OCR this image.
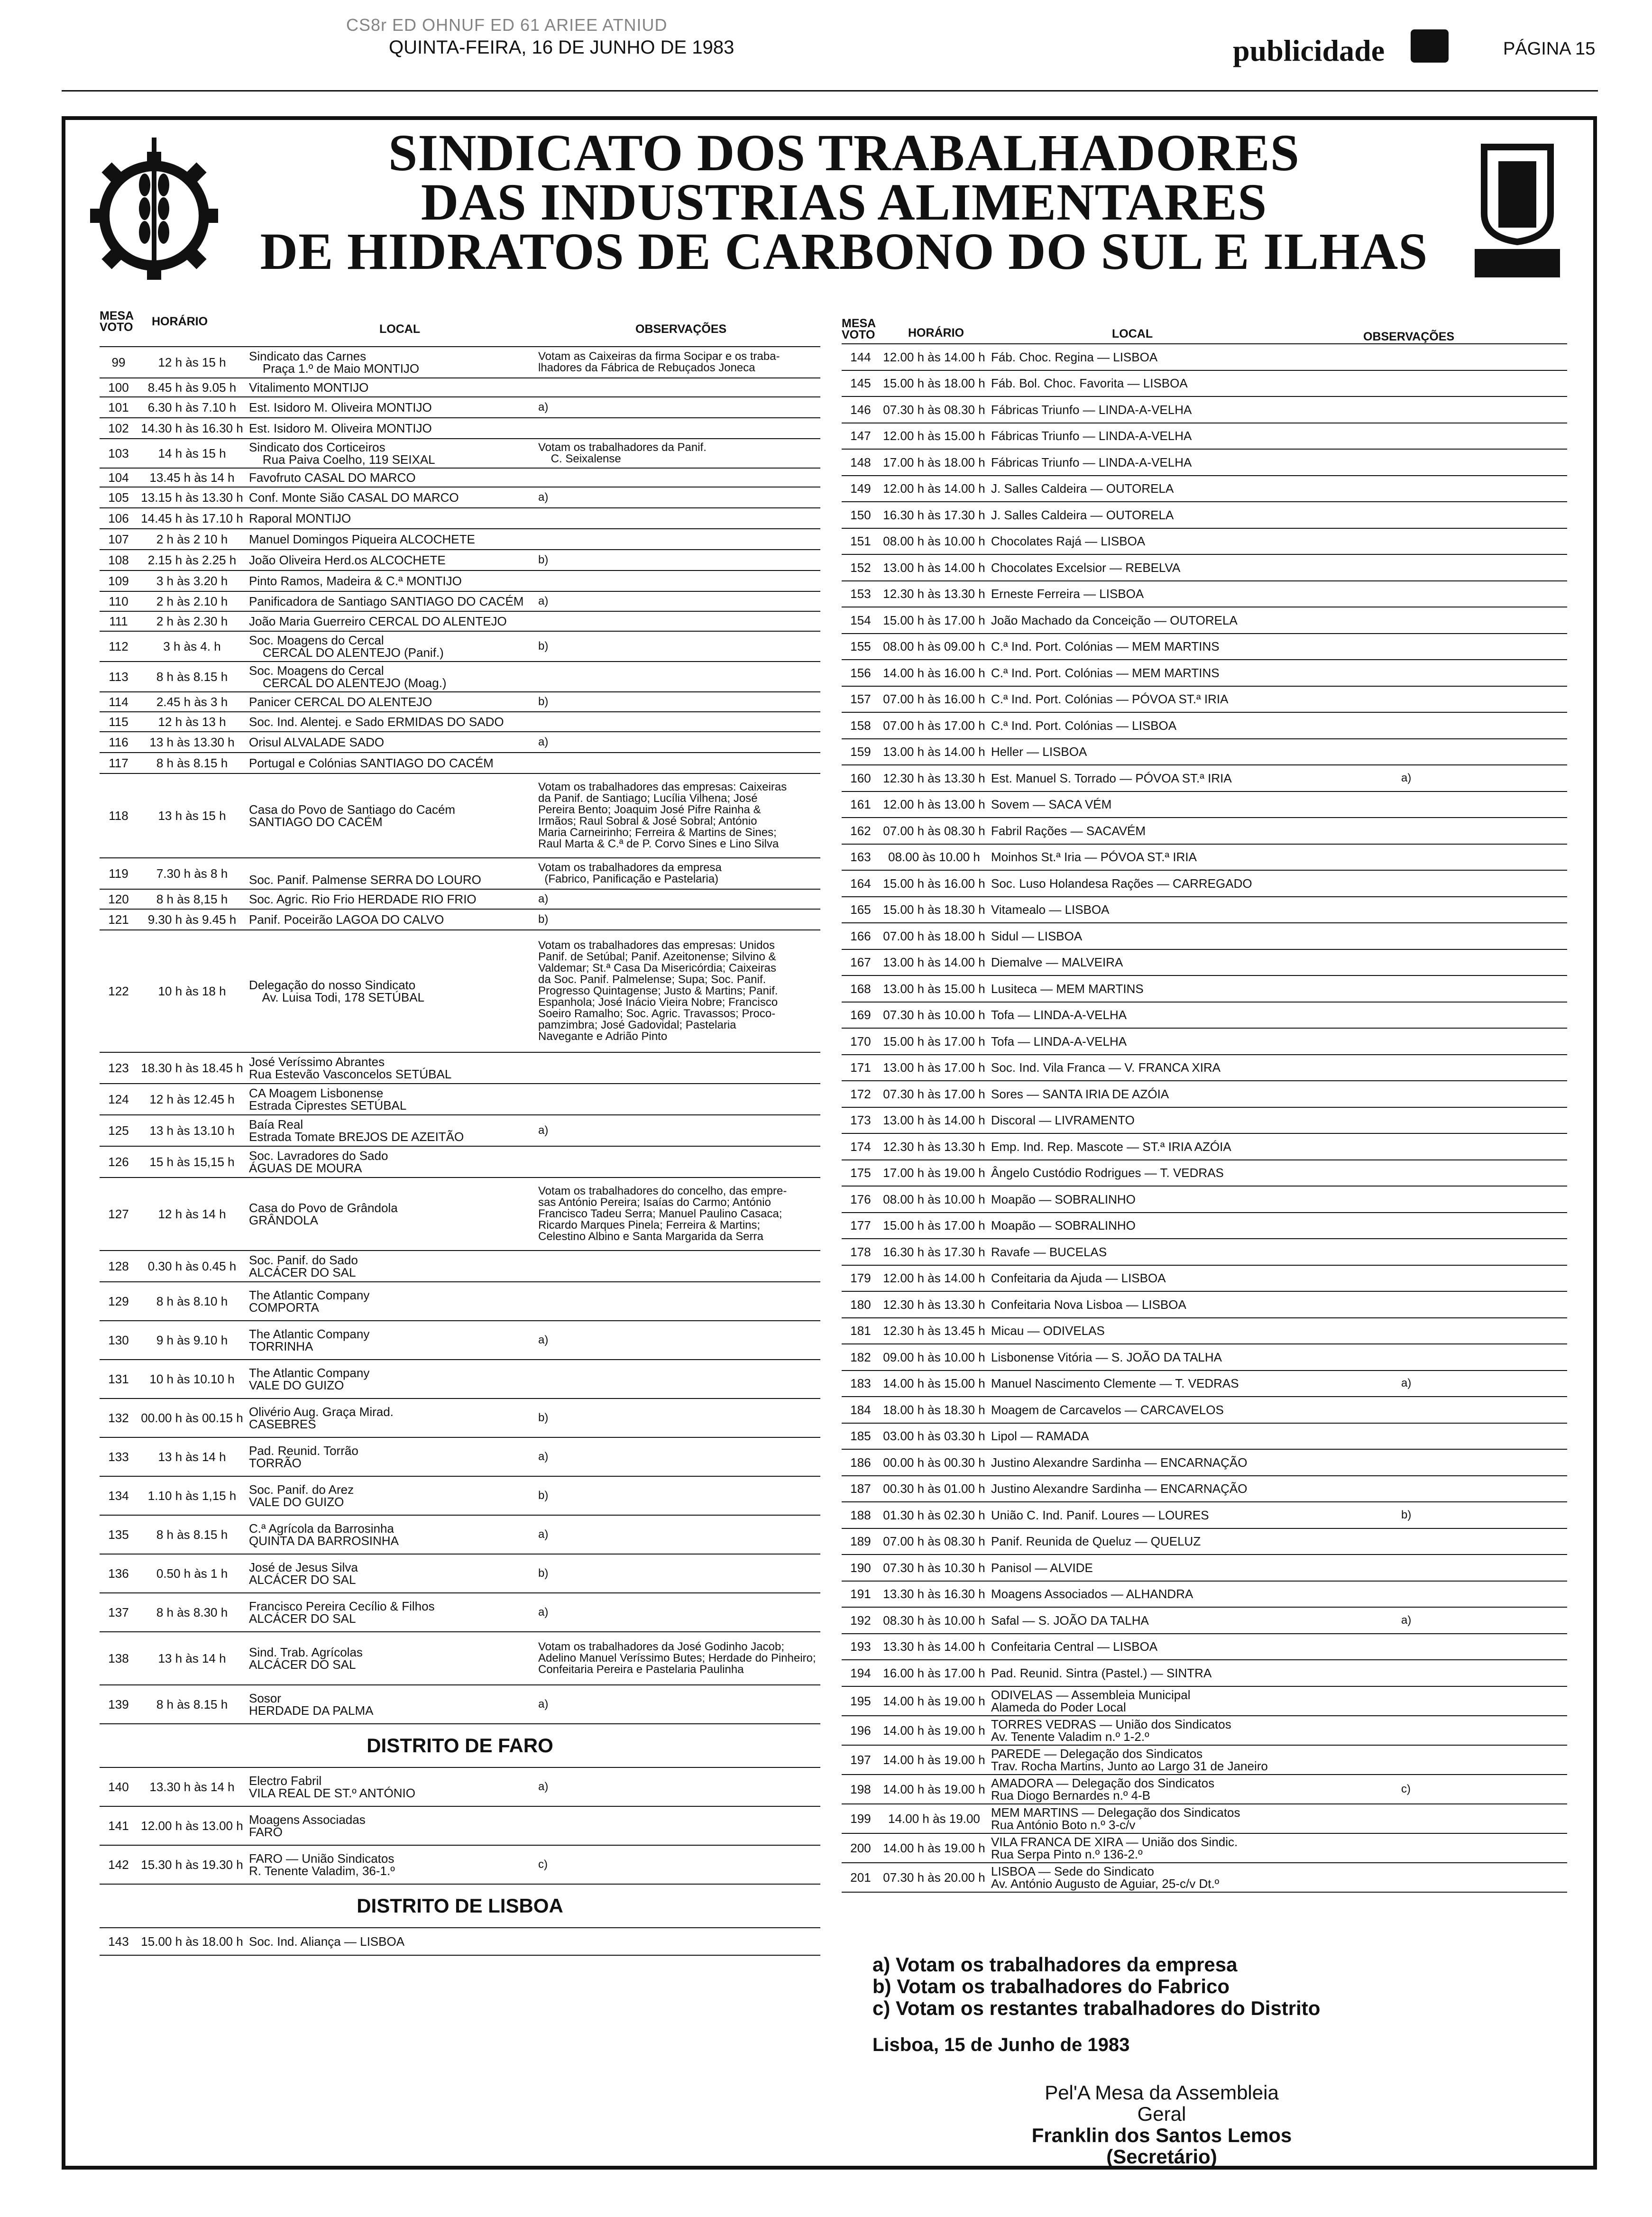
CS8r ED OHNUF ED 61 ARIEE ATNIUD
QUINTA-FEIRA, 16 DE JUNHO DE 1983	publicidade	PÁGINA 15
SINDICATO DOS TRABALHADORES
DAS INDUSTRIAS ALIMENTARES
DE HIDRATOS DE CARBONO DO SUL E ILHAS
MESA
VOTO HORÁRIO
LOCAL	OBSERVAÇÕES
99	12 h às 15 h	Sindicato das Carnes
Praça 1.º de Maio MONTIJO
Votam as Caixeiras da firma Socipar e os traba-
lhadores da Fábrica de Rebuçados Joneca
100	8.45 h às 9.05 h	Vitalimento MONTIJO
101	6.30 h às 7.10 h	Est. Isidoro M. Oliveira MONTIJO	a)
102 14.30 h às 16.30 h Est. Isidoro M. Oliveira MONTIJO
103	14 h às 15 h	Sindicato dos Corticeiros
Rua Paiva Coelho, 119 SEIXAL
Votam os trabalhadores da Panif.
C. Seixalense
104	13.45 h às 14 h	Favofruto CASAL DO MARCO
105 13.15 h às 13.30 h Conf. Monte Sião CASAL DO MARCO	a)
106 14.45 h às 17.10 h Raporal MONTIJO
107	2 h às 2 10 h	Manuel Domingos Piqueira ALCOCHETE
108	2.15 h às 2.25 h	João Oliveira Herd.os ALCOCHETE	b)
109	3 h às 3.20 h	Pinto Ramos, Madeira & C.ª MONTIJO
110	2 h às 2.10 h	Panificadora de Santiago SANTIAGO DO CACÉM	a)
111	2 h às 2.30 h	João Maria Guerreiro CERCAL DO ALENTEJO
112	3 h às 4. h	Soc. Moagens do Cercal
CERCAL DO ALENTEJO (Panif.)	b)
113	8 h às 8.15 h	Soc. Moagens do Cercal
CERCAL DO ALENTEJO (Moag.)
114	2.45 h às 3 h	Panicer CERCAL DO ALENTEJO	b)
115	12 h às 13 h	Soc. Ind. Alentej. e Sado ERMIDAS DO SADO
116	13 h às 13.30 h	Orisul ALVALADE SADO	a)
117	8 h às 8.15 h	Portugal e Colónias SANTIAGO DO CACÉM
118	13 h às 15 h	Casa do Povo de Santiago do Cacém
SANTIAGO DO CACÉM
Votam os trabalhadores das empresas: Caixeiras
da Panif. de Santiago; Lucília Vilhena; José
Pereira Bento; Joaquim José Pifre Rainha &
Irmãos; Raul Sobral & José Sobral; António
Maria Carneirinho; Ferreira & Martins de Sines;
Raul Marta & C.ª de P. Corvo Sines e Lino Silva
119	7.30 h às 8 h	
Soc. Panif. Palmense SERRA DO LOURO
Votam os trabalhadores da empresa
(Fabrico, Panificação e Pastelaria)
120	8 h às 8,15 h	Soc. Agric. Rio Frio HERDADE RIO FRIO	a)
121	9.30 h às 9.45 h	Panif. Poceirão LAGOA DO CALVO	b)
122	10 h às 18 h	Delegação do nosso Sindicato
Av. Luisa Todi, 178 SETÚBAL
Votam os trabalhadores das empresas: Unidos
Panif. de Setúbal; Panif. Azeitonense; Silvino &
Valdemar; St.ª Casa Da Misericórdia; Caixeiras
da Soc. Panif. Palmelense; Supa; Soc. Panif.
Progresso Quintagense; Justo & Martins; Panif.
Espanhola; José Inácio Vieira Nobre; Francisco
Soeiro Ramalho; Soc. Agric. Travassos; Proco-
pamzimbra; José Gadovidal; Pastelaria
Navegante e Adrião Pinto
123 18.30 h às 18.45 h José Veríssimo Abrantes
Rua Estevão Vasconcelos SETÚBAL
124	12 h às 12.45 h	CA Moagem Lisbonense
Estrada Ciprestes SETÚBAL
125	13 h às 13.10 h	Baía Real
Estrada Tomate BREJOS DE AZEITÃO	a)
126	15 h às 15,15 h	Soc. Lavradores do Sado
ÁGUAS DE MOURA
127	12 h às 14 h	Casa do Povo de Grândola
GRÂNDOLA
Votam os trabalhadores do concelho, das empre-
sas António Pereira; Isaías do Carmo; António
Francisco Tadeu Serra; Manuel Paulino Casaca;
Ricardo Marques Pinela; Ferreira & Martins;
Celestino Albino e Santa Margarida da Serra
128	0.30 h às 0.45 h	Soc. Panif. do Sado
ALCÁCER DO SAL
129	8 h às 8.10 h	The Atlantic Company
COMPORTA
130	9 h às 9.10 h	The Atlantic Company
TORRINHA	a)
131	10 h às 10.10 h	The Atlantic Company
VALE DO GUIZO
132 00.00 h às 00.15 h Olivério Aug. Graça Mirad.
CASEBRES	b)
133	13 h às 14 h	Pad. Reunid. Torrão
TORRÃO	a)
134	1.10 h às 1,15 h	Soc. Panif. do Arez
VALE DO GUIZO	b)
135	8 h às 8.15 h	C.ª Agrícola da Barrosinha
QUINTA DA BARROSINHA	a)
136	0.50 h às 1 h	José de Jesus Silva
ALCÁCER DO SAL	b)
137	8 h às 8.30 h	Francisco Pereira Cecílio & Filhos
ALCÁCER DO SAL	a)
138	13 h às 14 h	Sind. Trab. Agrícolas
ALCÁCER DO SAL
Votam os trabalhadores da José Godinho Jacob;
Adelino Manuel Veríssimo Butes; Herdade do Pinheiro;
Confeitaria Pereira e Pastelaria Paulinha
139	8 h às 8.15 h	Sosor
HERDADE DA PALMA	a)
DISTRITO DE FARO
140	13.30 h às 14 h	Electro Fabril
VILA REAL DE ST.º ANTÓNIO	a)
141 12.00 h às 13.00 h Moagens Associadas
FARO
142 15.30 h às 19.30 h FARO — União Sindicatos
R. Tenente Valadim, 36-1.º	c)
DISTRITO DE LISBOA
143 15.00 h às 18.00 h Soc. Ind. Aliança — LISBOA
MESA
VOTO	HORÁRIO	LOCAL	OBSERVAÇÕES
144 12.00 h às 14.00 h Fáb. Choc. Regina — LISBOA
145 15.00 h às 18.00 h Fáb. Bol. Choc. Favorita — LISBOA
146 07.30 h às 08.30 h Fábricas Triunfo — LINDA-A-VELHA
147 12.00 h às 15.00 h Fábricas Triunfo — LINDA-A-VELHA
148 17.00 h às 18.00 h Fábricas Triunfo — LINDA-A-VELHA
149 12.00 h às 14.00 h J. Salles Caldeira — OUTORELA
150 16.30 h às 17.30 h J. Salles Caldeira — OUTORELA
151 08.00 h às 10.00 h Chocolates Rajá — LISBOA
152 13.00 h às 14.00 h Chocolates Excelsior — REBELVA
153 12.30 h às 13.30 h Erneste Ferreira — LISBOA
154 15.00 h às 17.00 h João Machado da Conceição — OUTORELA
155 08.00 h às 09.00 h C.ª Ind. Port. Colónias — MEM MARTINS
156 14.00 h às 16.00 h C.ª Ind. Port. Colónias — MEM MARTINS
157 07.00 h às 16.00 h C.ª Ind. Port. Colónias — PÓVOA ST.ª IRIA
158 07.00 h às 17.00 h C.ª Ind. Port. Colónias — LISBOA
159 13.00 h às 14.00 h Heller — LISBOA
160 12.30 h às 13.30 h Est. Manuel S. Torrado — PÓVOA ST.ª IRIA	a)
161 12.00 h às 13.00 h Sovem — SACA VÉM
162 07.00 h às 08.30 h Fabril Rações — SACAVÉM
163	08.00 às 10.00 h Moinhos St.ª Iria — PÓVOA ST.ª IRIA
164 15.00 h às 16.00 h Soc. Luso Holandesa Rações — CARREGADO
165 15.00 h às 18.30 h Vitamealo — LISBOA
166 07.00 h às 18.00 h Sidul — LISBOA
167 13.00 h às 14.00 h Diemalve — MALVEIRA
168 13.00 h às 15.00 h Lusiteca — MEM MARTINS
169 07.30 h às 10.00 h Tofa — LINDA-A-VELHA
170 15.00 h às 17.00 h Tofa — LINDA-A-VELHA
171 13.00 h às 17.00 h Soc. Ind. Vila Franca — V. FRANCA XIRA
172 07.30 h às 17.00 h Sores — SANTA IRIA DE AZÓIA
173 13.00 h às 14.00 h Discoral — LIVRAMENTO
174 12.30 h às 13.30 h Emp. Ind. Rep. Mascote — ST.ª IRIA AZÓIA
175 17.00 h às 19.00 h Ângelo Custódio Rodrigues — T. VEDRAS
176 08.00 h às 10.00 h Moapão — SOBRALINHO
177 15.00 h às 17.00 h Moapão — SOBRALINHO
178 16.30 h às 17.30 h Ravafe — BUCELAS
179 12.00 h às 14.00 h Confeitaria da Ajuda — LISBOA
180 12.30 h às 13.30 h Confeitaria Nova Lisboa — LISBOA
181 12.30 h às 13.45 h Micau — ODIVELAS
182 09.00 h às 10.00 h Lisbonense Vitória — S. JOÃO DA TALHA
183 14.00 h às 15.00 h Manuel Nascimento Clemente — T. VEDRAS	a)
184 18.00 h às 18.30 h Moagem de Carcavelos — CARCAVELOS
185 03.00 h às 03.30 h Lipol — RAMADA
186 00.00 h às 00.30 h Justino Alexandre Sardinha — ENCARNAÇÃO
187 00.30 h às 01.00 h Justino Alexandre Sardinha — ENCARNAÇÃO
188 01.30 h às 02.30 h União C. Ind. Panif. Loures — LOURES	b)
189 07.00 h às 08.30 h Panif. Reunida de Queluz — QUELUZ
190 07.30 h às 10.30 h Panisol — ALVIDE
191 13.30 h às 16.30 h Moagens Associados — ALHANDRA
192 08.30 h às 10.00 h Safal — S. JOÃO DA TALHA	a)
193 13.30 h às 14.00 h Confeitaria Central — LISBOA
194 16.00 h às 17.00 h Pad. Reunid. Sintra (Pastel.) — SINTRA
195 14.00 h às 19.00 h ODIVELAS — Assembleia Municipal
Alameda do Poder Local
196 14.00 h às 19.00 h TORRES VEDRAS — União dos Sindicatos
Av. Tenente Valadim n.º 1-2.º
197 14.00 h às 19.00 h PAREDE — Delegação dos Sindicatos
Trav. Rocha Martins, Junto ao Largo 31 de Janeiro
198 14.00 h às 19.00 h AMADORA — Delegação dos Sindicatos
Rua Diogo Bernardes n.º 4-B	c)
199	14.00 h às 19.00 MEM MARTINS — Delegação dos Sindicatos
Rua António Boto n.º 3-c/v
200 14.00 h às 19.00 h VILA FRANCA DE XIRA — União dos Sindic.
Rua Serpa Pinto n.º 136-2.º
201 07.30 h às 20.00 h LISBOA — Sede do Sindicato
Av. António Augusto de Aguiar, 25-c/v Dt.º
a) Votam os trabalhadores da empresa
b) Votam os trabalhadores do Fabrico
c) Votam os restantes trabalhadores do Distrito
Lisboa, 15 de Junho de 1983
Pel'A Mesa da Assembleia Geral
Franklin dos Santos Lemos
(Secretário)
